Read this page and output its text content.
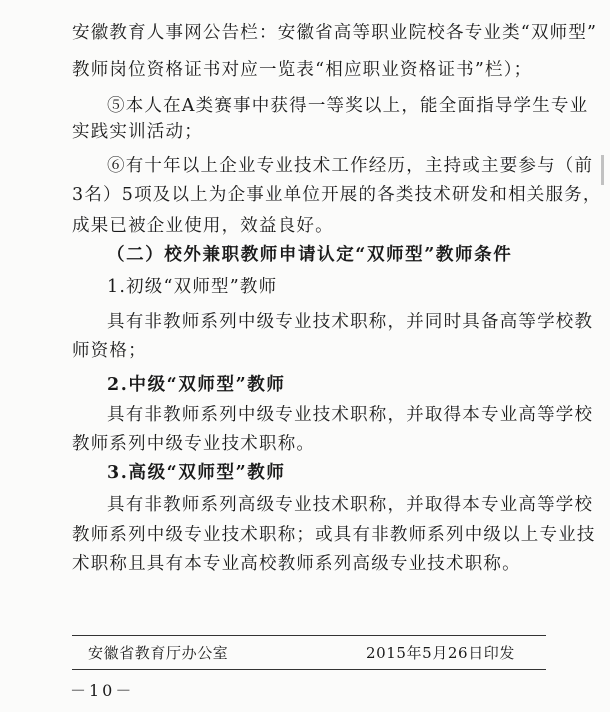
安徽教育人事网公告栏：安徽省高等职业院校各专业类“双师型”
教师岗位资格证书对应一览表“相应职业资格证书”栏）；
⑤本人在A类赛事中获得一等奖以上，能全面指导学生专业
实践实训活动；
⑥有十年以上企业专业技术工作经历，主持或主要参与（前
3名）5项及以上为企事业单位开展的各类技术研发和相关服务，
成果已被企业使用，效益良好。
（二）校外兼职教师申请认定“双师型”教师条件
1.初级“双师型”教师
具有非教师系列中级专业技术职称，并同时具备高等学校教
师资格；
2.中级“双师型”教师
具有非教师系列中级专业技术职称，并取得本专业高等学校
教师系列中级专业技术职称。
3.高级“双师型”教师
具有非教师系列高级专业技术职称，并取得本专业高等学校
教师系列中级专业技术职称；或具有非教师系列中级以上专业技
术职称且具有本专业高校教师系列高级专业技术职称。
安徽省教育厅办公室	2015年5月26日印发
－10－
